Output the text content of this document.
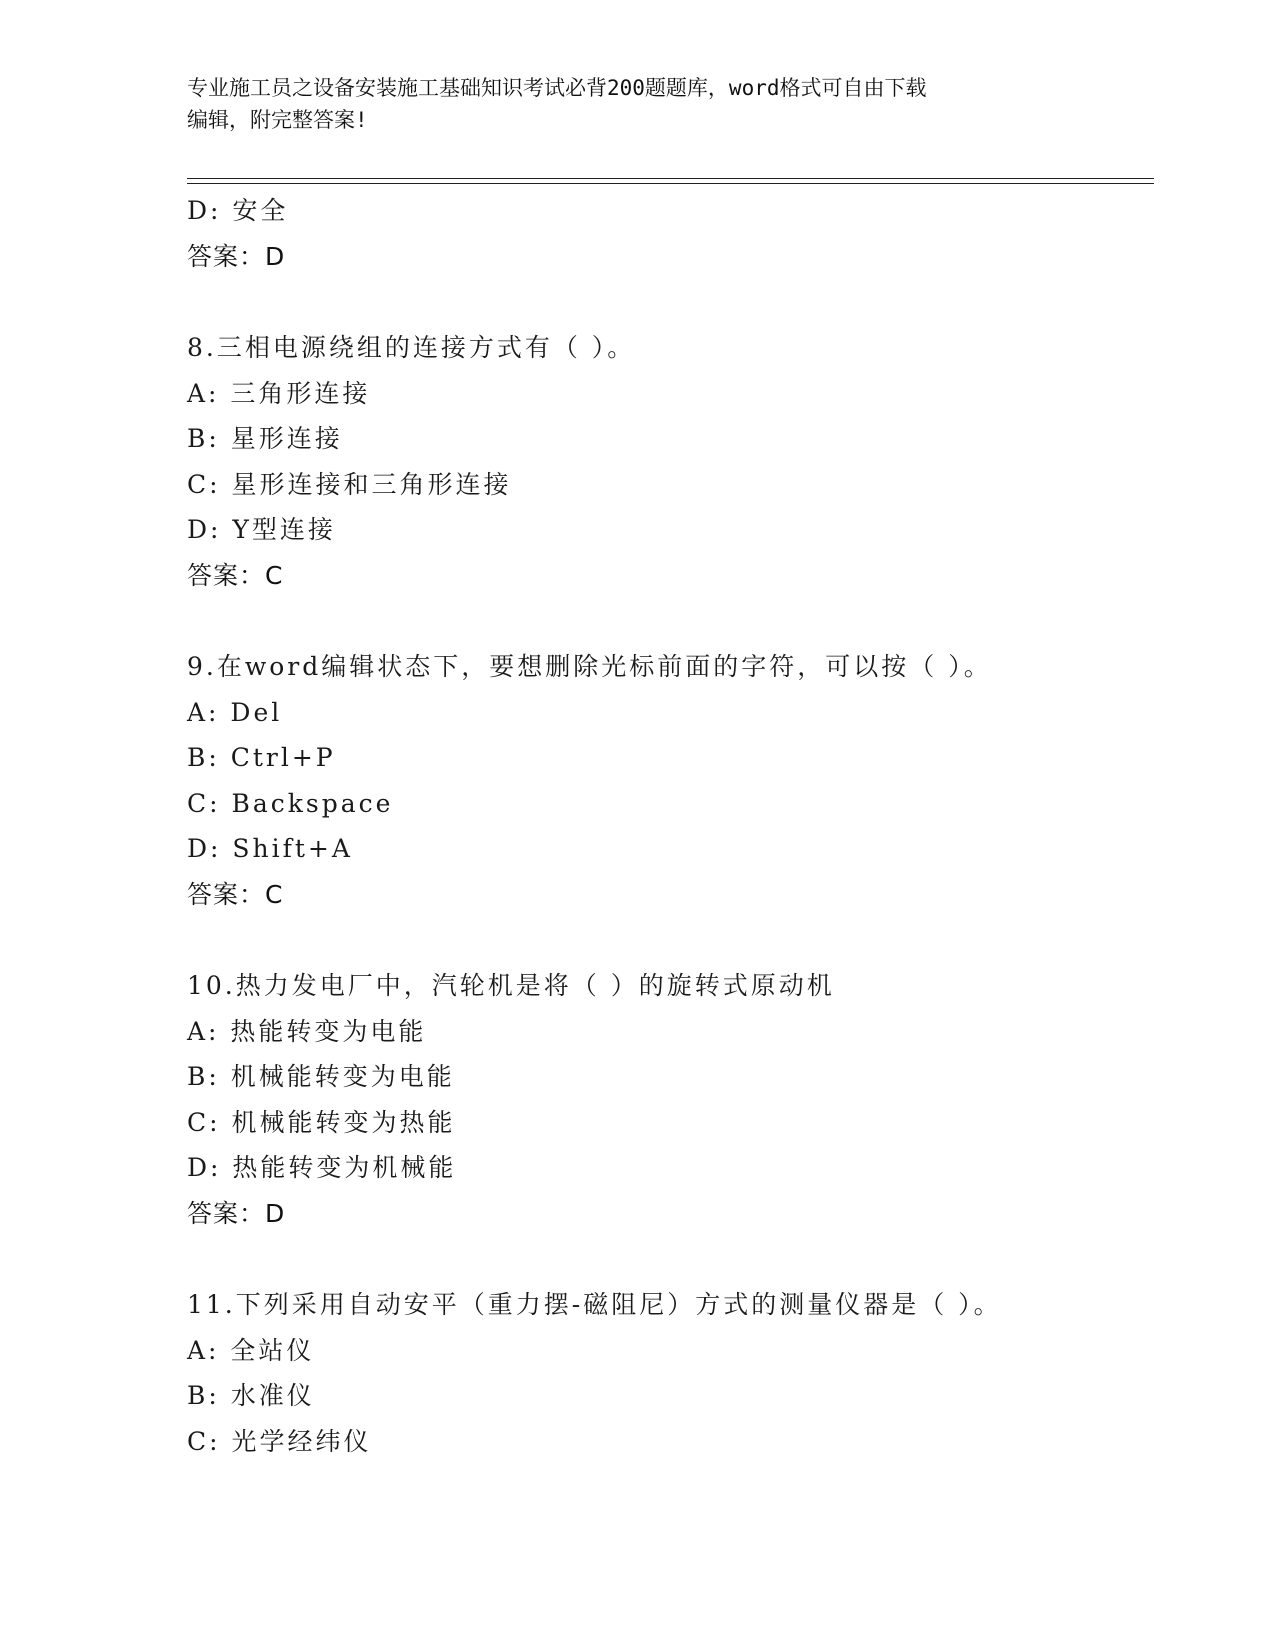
专业施工员之设备安装施工基础知识考试必背200题题库，word格式可自由下载
编辑，附完整答案!
D: 安全
答案：D
8.三相电源绕组的连接方式有（ ）。
A: 三角形连接
B: 星形连接
C: 星形连接和三角形连接
D: Y型连接
答案：C
9.在word编辑状态下，要想删除光标前面的字符，可以按（ ）。
A: Del
B: Ctrl+P
C: Backspace
D: Shift+A
答案：C
10.热力发电厂中，汽轮机是将（ ）的旋转式原动机
A: 热能转变为电能
B: 机械能转变为电能
C: 机械能转变为热能
D: 热能转变为机械能
答案：D
11.下列采用自动安平（重力摆-磁阻尼）方式的测量仪器是（ ）。
A: 全站仪
B: 水准仪
C: 光学经纬仪
